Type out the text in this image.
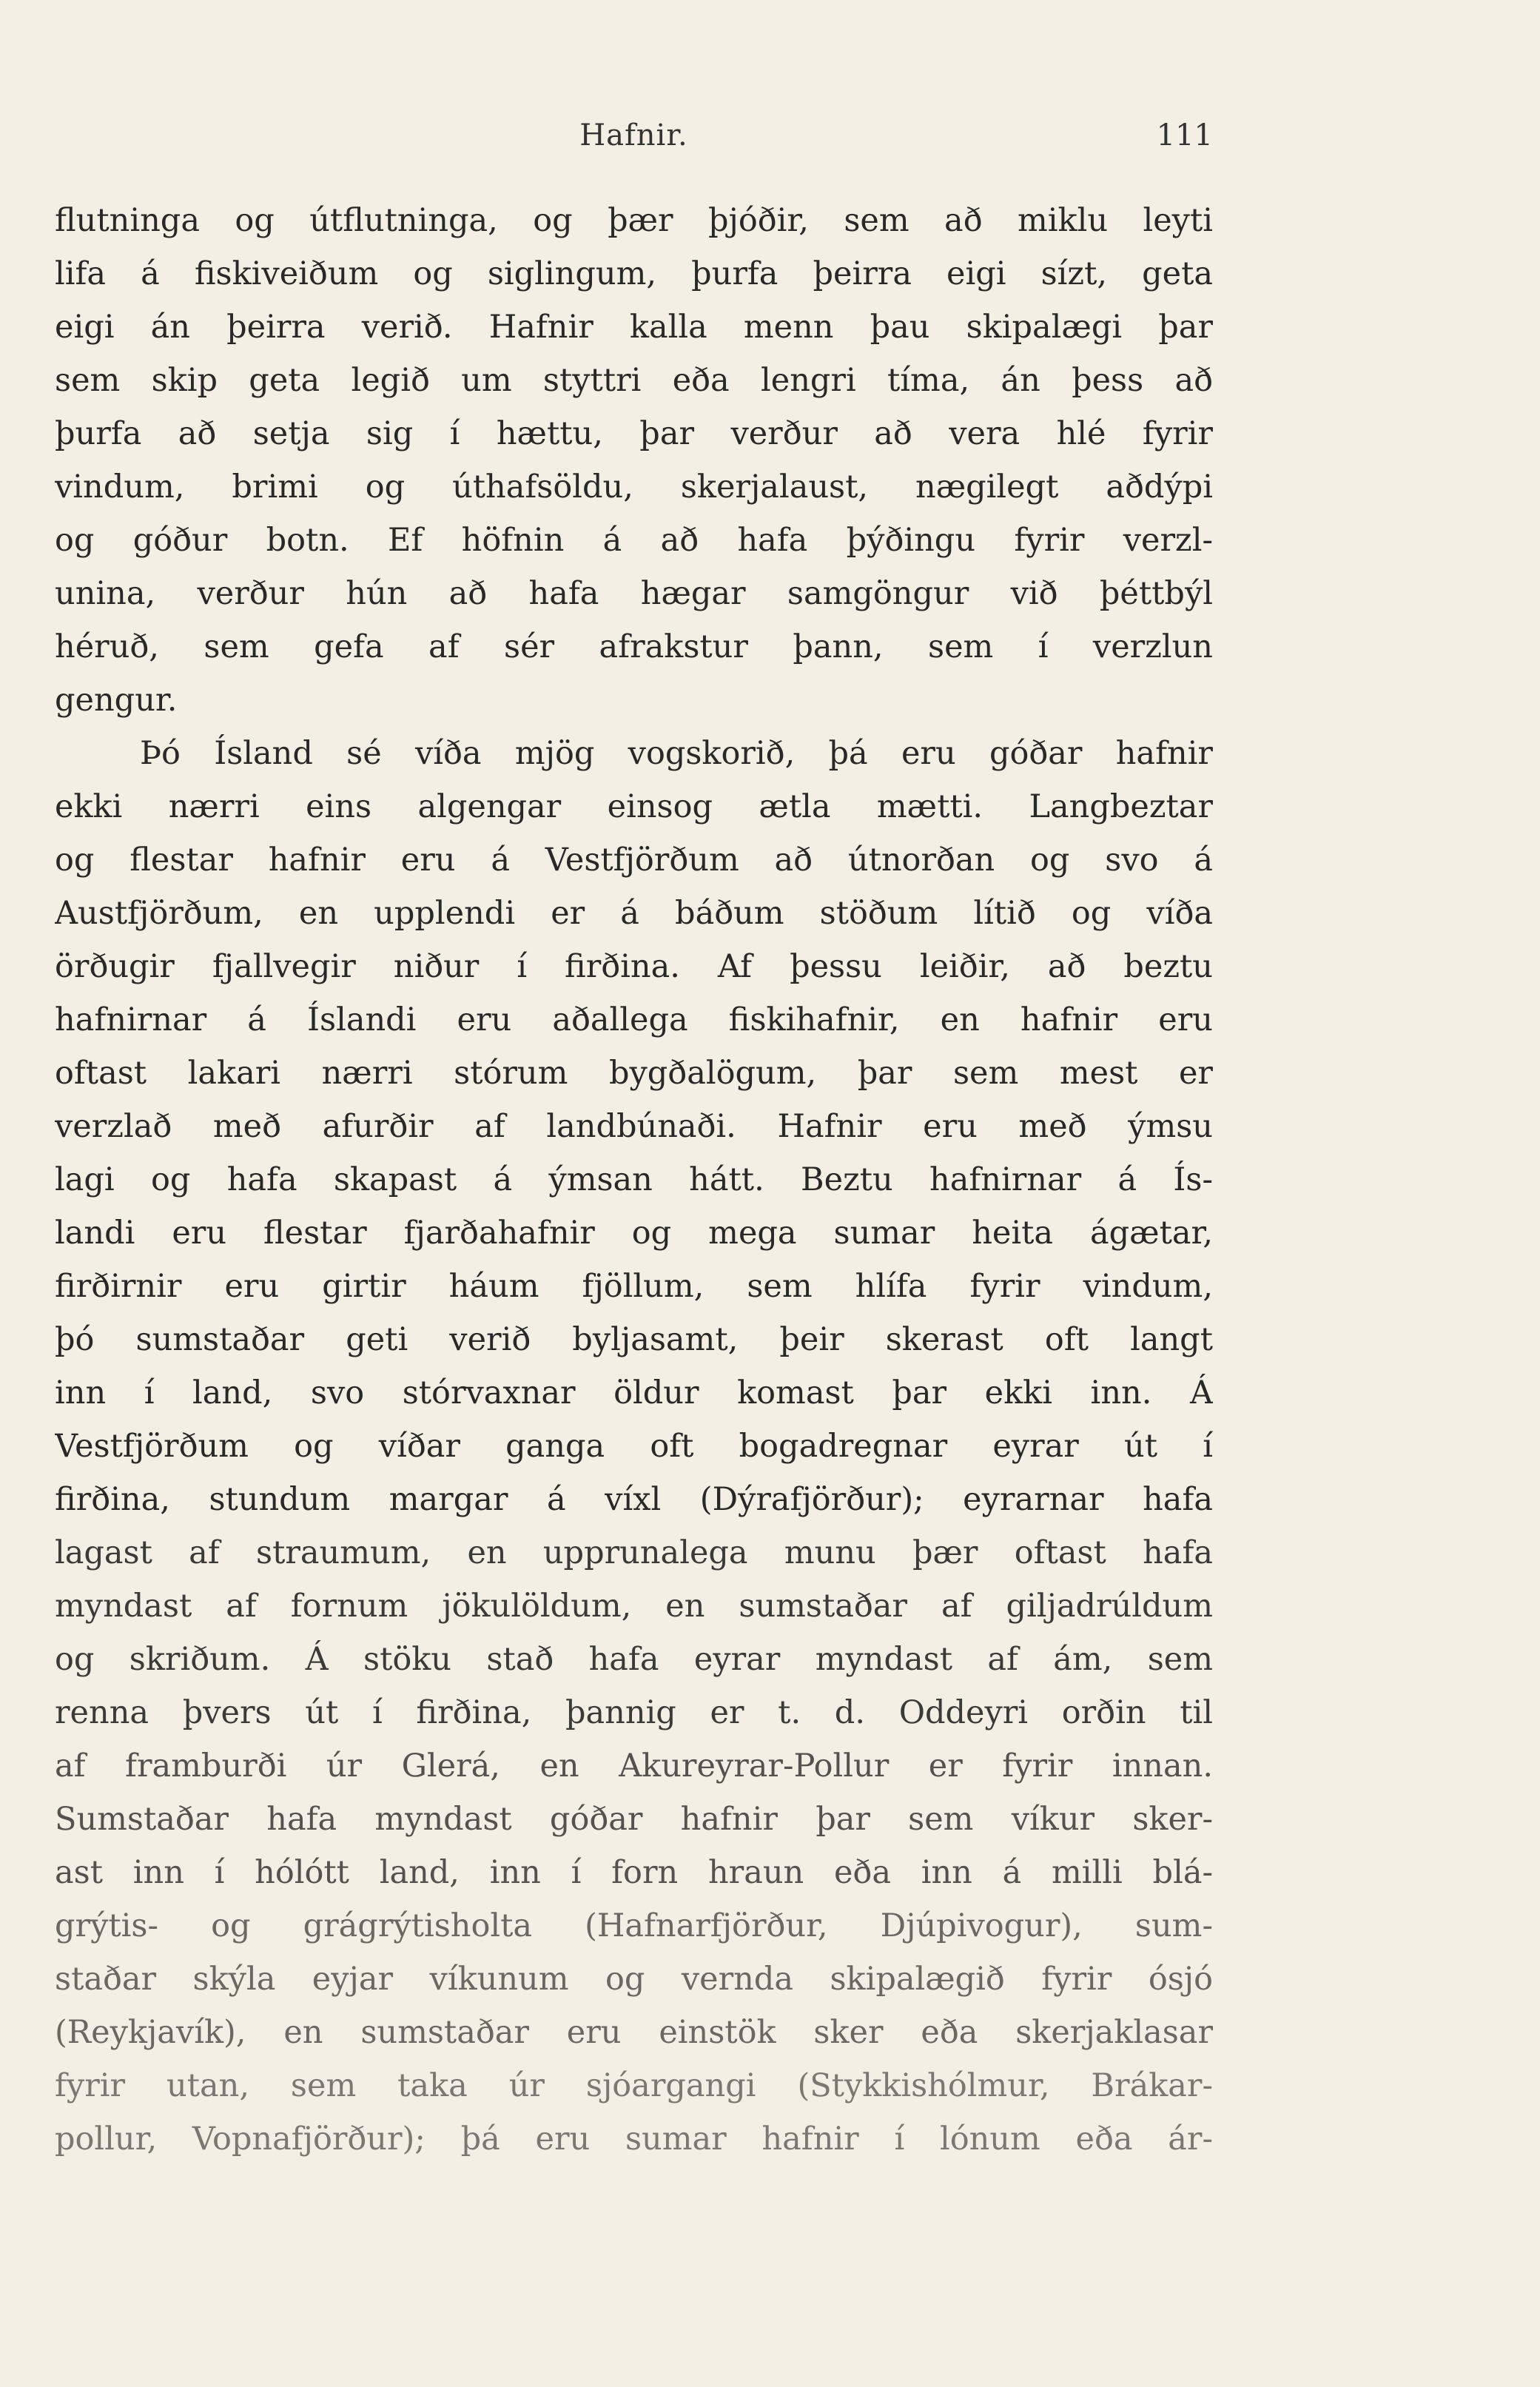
Hafnir.	111
flutninga og útflutninga, og þær þjóðir, sem að miklu leyti
lifa á fiskiveiðum og siglingum, þurfa þeirra eigi sízt, geta
eigi án þeirra verið. Hafnir kalla menn þau skipalægi þar
sem skip geta legið um styttri eða lengri tíma, án þess að
þurfa að setja sig í hættu, þar verður að vera hlé fyrir
vindum, brimi og úthafsöldu, skerjalaust, nægilegt aðdýpi
og góður botn. Ef höfnin á að hafa þýðingu fyrir verzl-
unina, verður hún að hafa hægar samgöngur við þéttbýl
héruð, sem gefa af sér afrakstur þann, sem í verzlun
gengur.
Þó Ísland sé víða mjög vogskorið, þá eru góðar hafnir
ekki nærri eins algengar einsog ætla mætti. Langbeztar
og flestar hafnir eru á Vestfjörðum að útnorðan og svo á
Austfjörðum, en upplendi er á báðum stöðum lítið og víða
örðugir fjallvegir niður í firðina. Af þessu leiðir, að beztu
hafnirnar á Íslandi eru aðallega fiskihafnir, en hafnir eru
oftast lakari nærri stórum bygðalögum, þar sem mest er
verzlað með afurðir af landbúnaði. Hafnir eru með ýmsu
lagi og hafa skapast á ýmsan hátt. Beztu hafnirnar á Ís-
landi eru flestar fjarðahafnir og mega sumar heita ágætar,
firðirnir eru girtir háum fjöllum, sem hlífa fyrir vindum,
þó sumstaðar geti verið byljasamt, þeir skerast oft langt
inn í land, svo stórvaxnar öldur komast þar ekki inn. Á
Vestfjörðum og víðar ganga oft bogadregnar eyrar út í
firðina, stundum margar á víxl (Dýrafjörður); eyrarnar hafa
lagast af straumum, en upprunalega munu þær oftast hafa
myndast af fornum jökulöldum, en sumstaðar af giljadrúldum
og skriðum. Á stöku stað hafa eyrar myndast af ám, sem
renna þvers út í firðina, þannig er t. d. Oddeyri orðin til
af framburði úr Glerá, en Akureyrar-Pollur er fyrir innan.
Sumstaðar hafa myndast góðar hafnir þar sem víkur sker-
ast inn í hólótt land, inn í forn hraun eða inn á milli blá-
grýtis- og grágrýtisholta (Hafnarfjörður, Djúpivogur), sum-
staðar skýla eyjar víkunum og vernda skipalægið fyrir ósjó
(Reykjavík), en sumstaðar eru einstök sker eða skerjaklasar
fyrir utan, sem taka úr sjóargangi (Stykkishólmur, Brákar-
pollur, Vopnafjörður); þá eru sumar hafnir í lónum eða ár-
